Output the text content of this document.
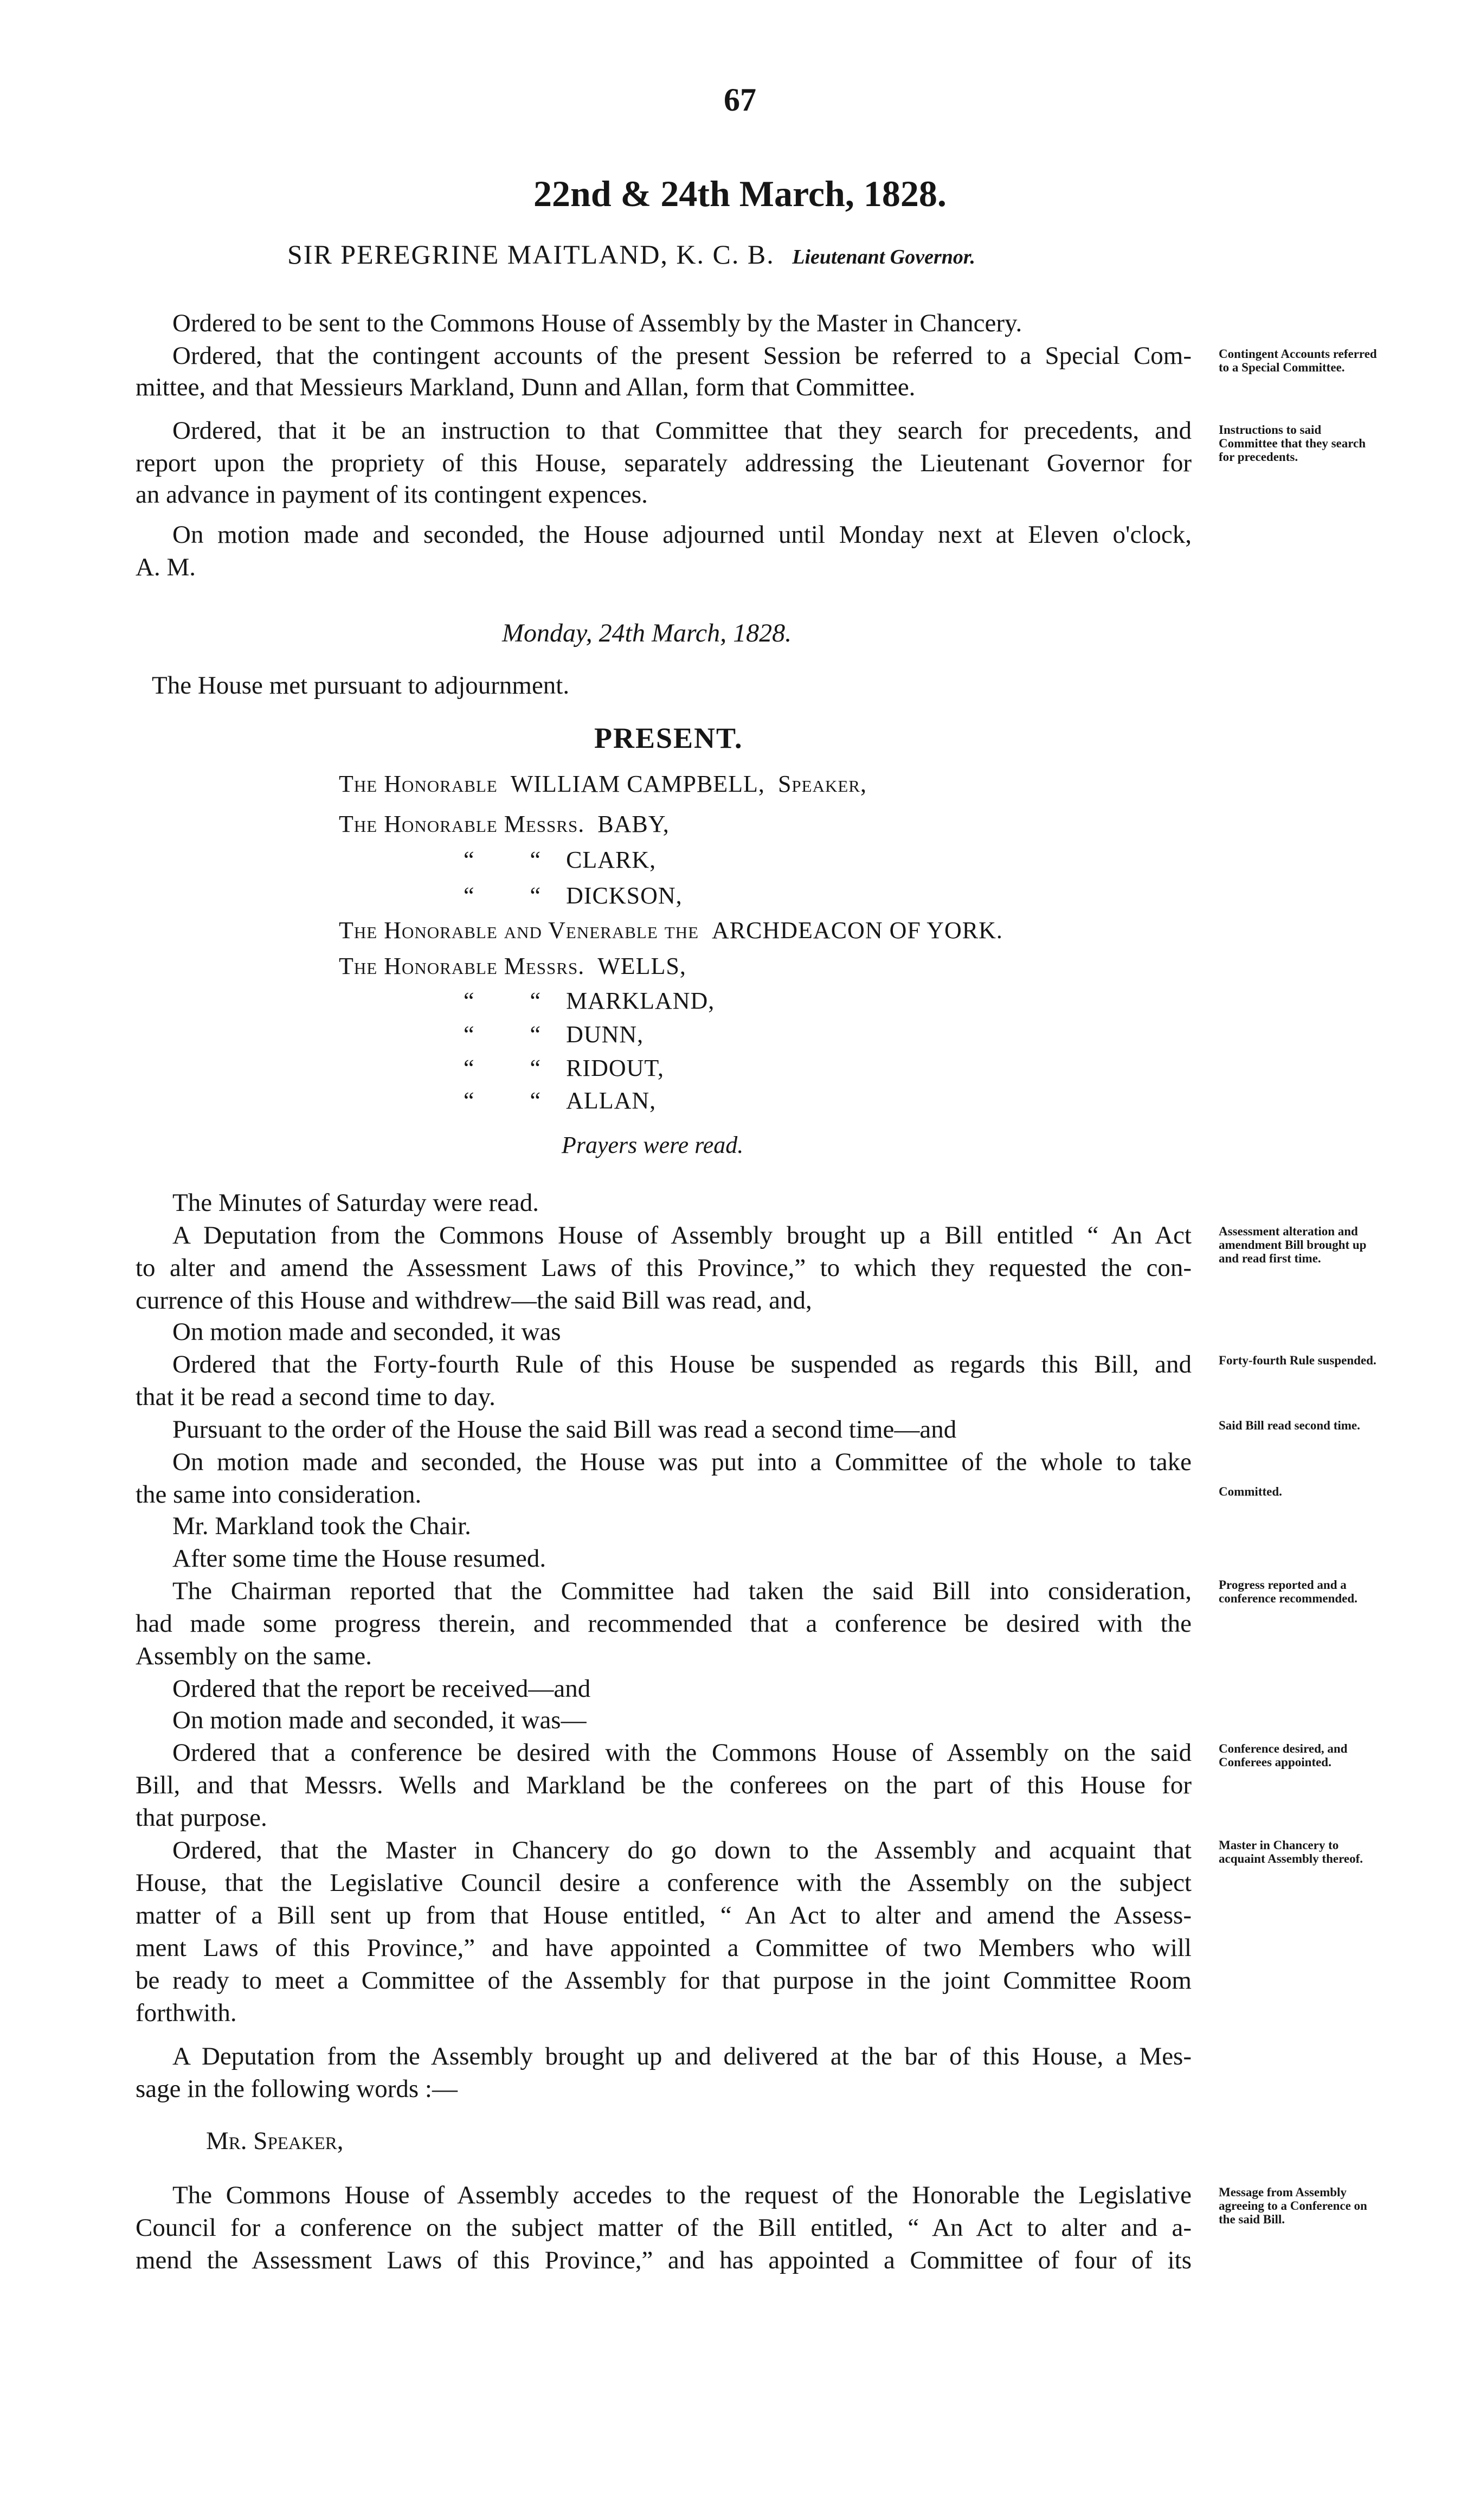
67
22nd & 24th March, 1828.
SIR PEREGRINE MAITLAND, K. C. B. Lieutenant Governor.
Ordered to be sent to the Commons House of Assembly by the Master in Chancery.
Ordered, that the contingent accounts of the present Session be referred to a Special Com-
mittee, and that Messieurs Markland, Dunn and Allan, form that Committee.
Ordered, that it be an instruction to that Committee that they search for precedents, and
report upon the propriety of this House, separately addressing the Lieutenant Governor for
an advance in payment of its contingent expences.
On motion made and seconded, the House adjourned until Monday next at Eleven o'clock,
A. M.
Contingent Accounts referred to a Special Committee.
Instructions to said Committee that they search for precedents.
Monday, 24th March, 1828.
The House met pursuant to adjournment.
PRESENT.
The Honorable WILLIAM CAMPBELL, Speaker,
The Honorable Messrs. BABY,
“ “ CLARK,
“ “ DICKSON,
The Honorable and Venerable the ARCHDEACON OF YORK.
The Honorable Messrs. WELLS,
“ “ MARKLAND,
“ “ DUNN,
“ “ RIDOUT,
“ “ ALLAN,
Prayers were read.
The Minutes of Saturday were read.
A Deputation from the Commons House of Assembly brought up a Bill entitled “ An Act
to alter and amend the Assessment Laws of this Province,” to which they requested the con-
currence of this House and withdrew—the said Bill was read, and,
On motion made and seconded, it was
Ordered that the Forty-fourth Rule of this House be suspended as regards this Bill, and
that it be read a second time to day.
Pursuant to the order of the House the said Bill was read a second time—and
On motion made and seconded, the House was put into a Committee of the whole to take
the same into consideration.
Mr. Markland took the Chair.
After some time the House resumed.
The Chairman reported that the Committee had taken the said Bill into consideration,
had made some progress therein, and recommended that a conference be desired with the
Assembly on the same.
Ordered that the report be received—and
On motion made and seconded, it was—
Ordered that a conference be desired with the Commons House of Assembly on the said
Bill, and that Messrs. Wells and Markland be the conferees on the part of this House for
that purpose.
Ordered, that the Master in Chancery do go down to the Assembly and acquaint that
House, that the Legislative Council desire a conference with the Assembly on the subject
matter of a Bill sent up from that House entitled, “ An Act to alter and amend the Assess-
ment Laws of this Province,” and have appointed a Committee of two Members who will
be ready to meet a Committee of the Assembly for that purpose in the joint Committee Room
forthwith.
A Deputation from the Assembly brought up and delivered at the bar of this House, a Mes-
sage in the following words :—
Mr. Speaker,
The Commons House of Assembly accedes to the request of the Honorable the Legislative
Council for a conference on the subject matter of the Bill entitled, “ An Act to alter and a-
mend the Assessment Laws of this Province,” and has appointed a Committee of four of its
Assessment alteration and amendment Bill brought up and read first time.
Forty-fourth Rule suspended.
Said Bill read second time.
Committed.
Progress reported and a conference recommended.
Conference desired, and Conferees appointed.
Master in Chancery to acquaint Assembly thereof.
Message from Assembly agreeing to a Conference on the said Bill.
